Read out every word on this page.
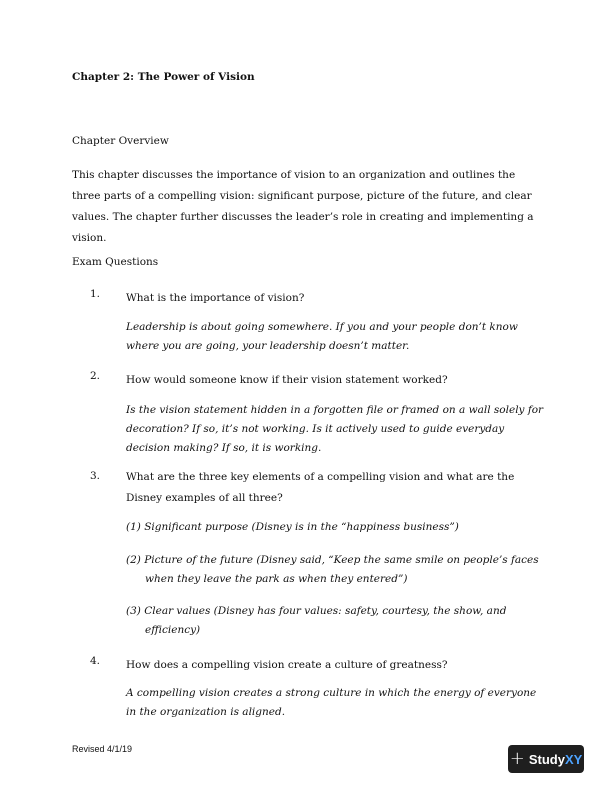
Chapter 2: The Power of Vision
Chapter Overview
This chapter discusses the importance of vision to an organization and outlines the three parts of a compelling vision: significant purpose, picture of the future, and clear values. The chapter further discusses the leader’s role in creating and implementing a vision.
Exam Questions
1. What is the importance of vision?
Leadership is about going somewhere. If you and your people don’t know where you are going, your leadership doesn’t matter.
2. How would someone know if their vision statement worked?
Is the vision statement hidden in a forgotten file or framed on a wall solely for decoration? If so, it’s not working. Is it actively used to guide everyday decision making? If so, it is working.
3. What are the three key elements of a compelling vision and what are the Disney examples of all three?
(1) Significant purpose (Disney is in the “happiness business”)
(2) Picture of the future (Disney said, “Keep the same smile on people’s faces
when they leave the park as when they entered”)
(3) Clear values (Disney has four values: safety, courtesy, the show, and
efficiency)
4. How does a compelling vision create a culture of greatness?
A compelling vision creates a strong culture in which the energy of everyone in the organization is aligned.
Revised 4/1/19	+ StudyXY
